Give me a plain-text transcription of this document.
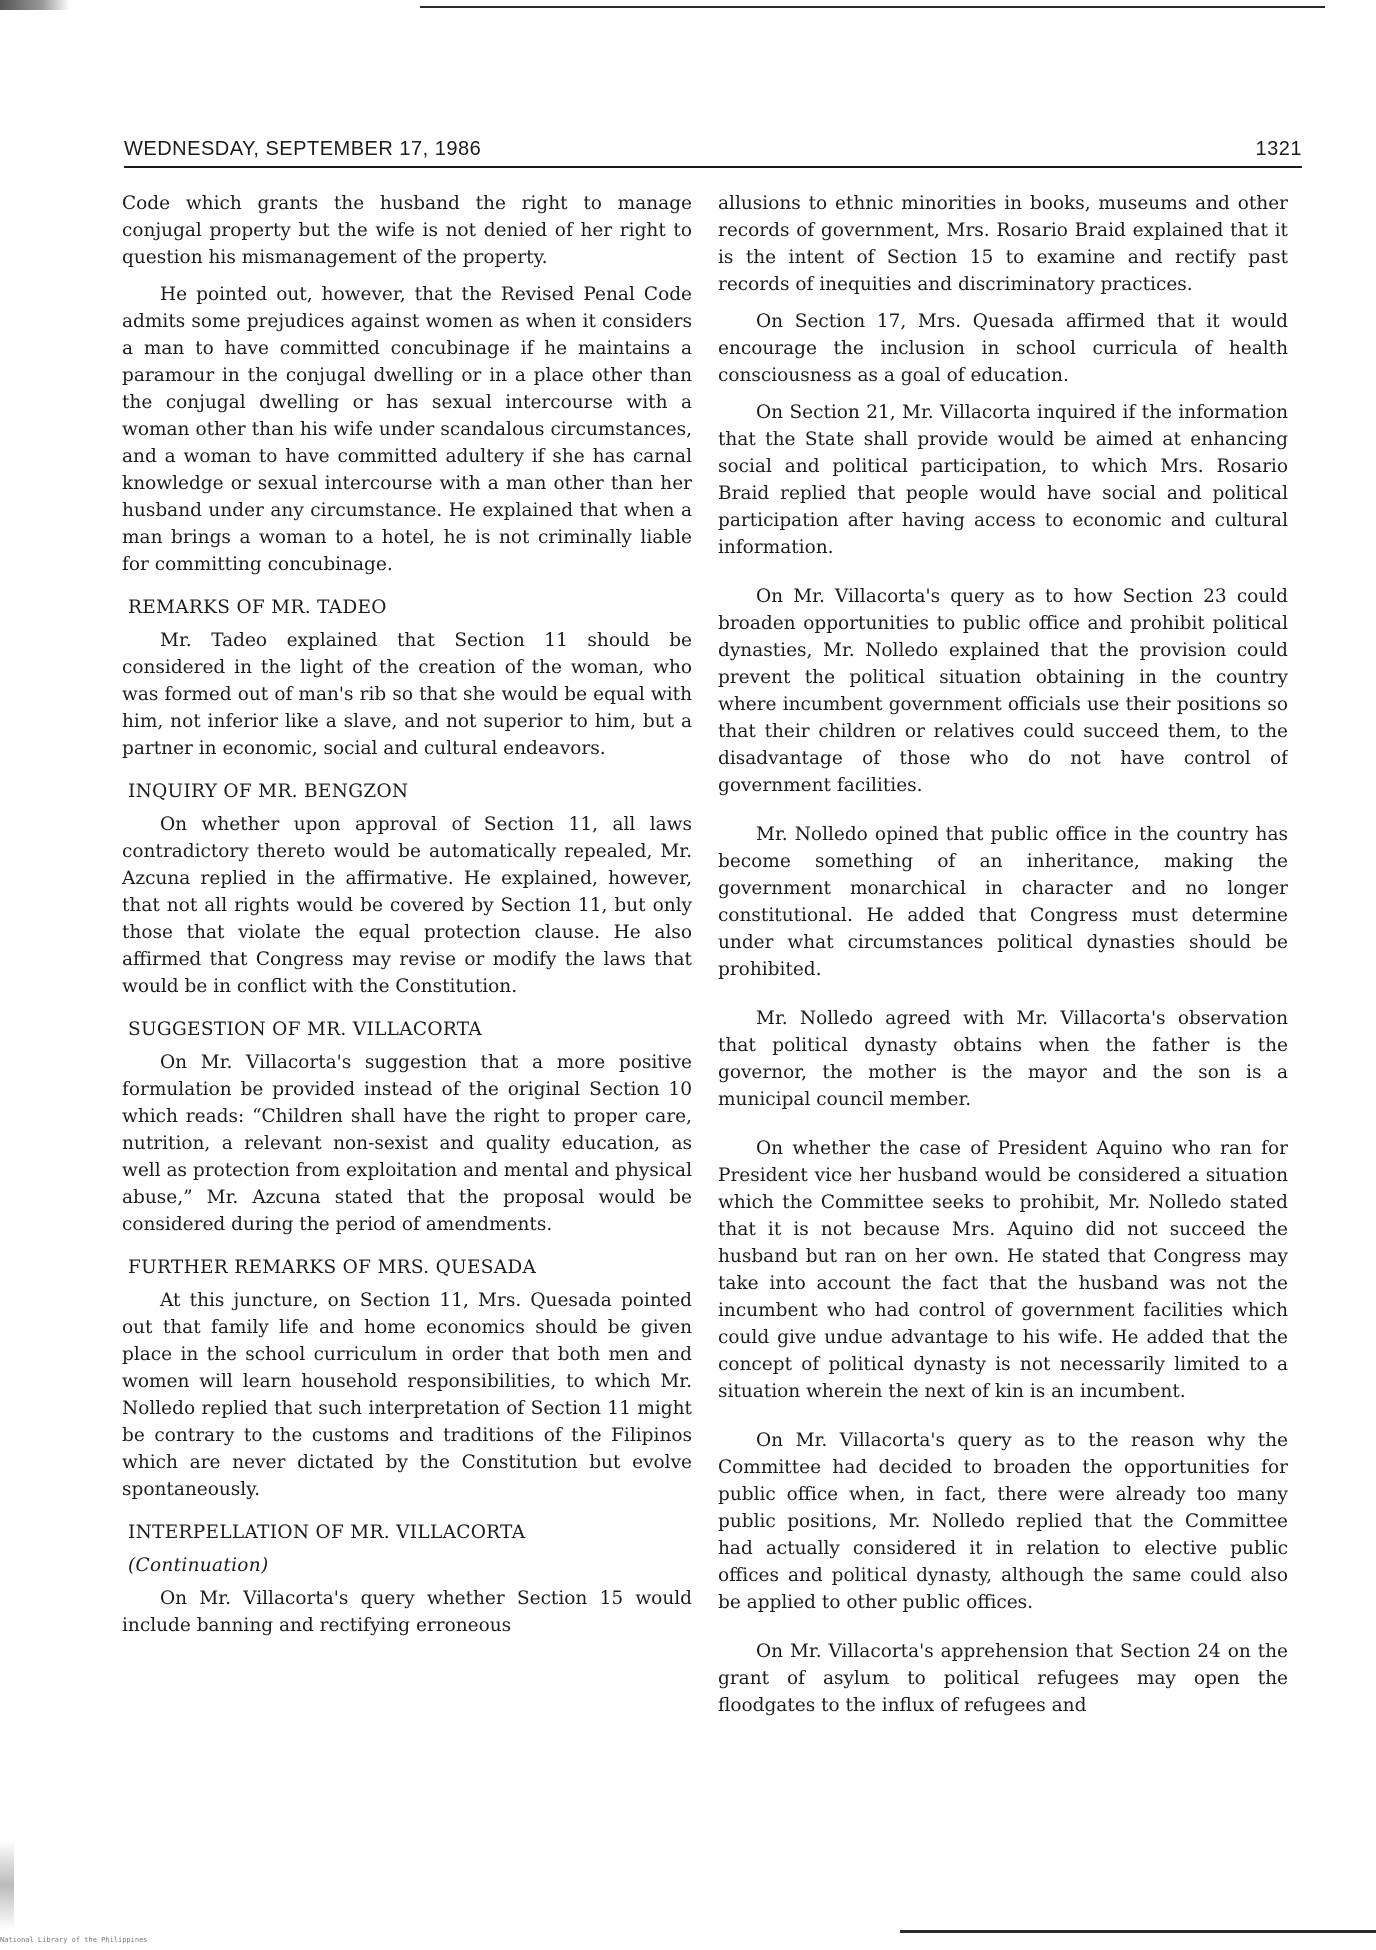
WEDNESDAY, SEPTEMBER 17, 1986	1321

Code which grants the husband the right to manage conjugal property but the wife is not denied of her right to question his mismanagement of the property.

He pointed out, however, that the Revised Penal Code admits some prejudices against women as when it considers a man to have committed concubinage if he maintains a paramour in the conjugal dwelling or in a place other than the conjugal dwelling or has sexual intercourse with a woman other than his wife under scandalous circumstances, and a woman to have committed adultery if she has carnal knowledge or sexual intercourse with a man other than her husband under any circumstance. He explained that when a man brings a woman to a hotel, he is not criminally liable for committing concubinage.

REMARKS OF MR. TADEO

Mr. Tadeo explained that Section 11 should be considered in the light of the creation of the woman, who was formed out of man's rib so that she would be equal with him, not inferior like a slave, and not superior to him, but a partner in economic, social and cultural endeavors.

INQUIRY OF MR. BENGZON

On whether upon approval of Section 11, all laws contradictory thereto would be automatically repealed, Mr. Azcuna replied in the affirmative. He explained, however, that not all rights would be covered by Section 11, but only those that violate the equal protection clause. He also affirmed that Congress may revise or modify the laws that would be in conflict with the Constitution.

SUGGESTION OF MR. VILLACORTA

On Mr. Villacorta's suggestion that a more positive formulation be provided instead of the original Section 10 which reads: “Children shall have the right to proper care, nutrition, a relevant non-sexist and quality education, as well as protection from exploitation and mental and physical abuse,” Mr. Azcuna stated that the proposal would be considered during the period of amendments.

FURTHER REMARKS OF MRS. QUESADA

At this juncture, on Section 11, Mrs. Quesada pointed out that family life and home economics should be given place in the school curriculum in order that both men and women will learn household responsibilities, to which Mr. Nolledo replied that such interpretation of Section 11 might be contrary to the customs and traditions of the Filipinos which are never dictated by the Constitution but evolve spontaneously.

INTERPELLATION OF MR. VILLACORTA
(Continuation)

On Mr. Villacorta's query whether Section 15 would include banning and rectifying erroneous

allusions to ethnic minorities in books, museums and other records of government, Mrs. Rosario Braid explained that it is the intent of Section 15 to examine and rectify past records of inequities and discriminatory practices.

On Section 17, Mrs. Quesada affirmed that it would encourage the inclusion in school curricula of health consciousness as a goal of education.

On Section 21, Mr. Villacorta inquired if the information that the State shall provide would be aimed at enhancing social and political participation, to which Mrs. Rosario Braid replied that people would have social and political participation after having access to economic and cultural information.

On Mr. Villacorta's query as to how Section 23 could broaden opportunities to public office and prohibit political dynasties, Mr. Nolledo explained that the provision could prevent the political situation obtaining in the country where incumbent government officials use their positions so that their children or relatives could succeed them, to the disadvantage of those who do not have control of government facilities.

Mr. Nolledo opined that public office in the country has become something of an inheritance, making the government monarchical in character and no longer constitutional. He added that Congress must determine under what circumstances political dynasties should be prohibited.

Mr. Nolledo agreed with Mr. Villacorta's observation that political dynasty obtains when the father is the governor, the mother is the mayor and the son is a municipal council member.

On whether the case of President Aquino who ran for President vice her husband would be considered a situation which the Committee seeks to prohibit, Mr. Nolledo stated that it is not because Mrs. Aquino did not succeed the husband but ran on her own. He stated that Congress may take into account the fact that the husband was not the incumbent who had control of government facilities which could give undue advantage to his wife. He added that the concept of political dynasty is not necessarily limited to a situation wherein the next of kin is an incumbent.

On Mr. Villacorta's query as to the reason why the Committee had decided to broaden the opportunities for public office when, in fact, there were already too many public positions, Mr. Nolledo replied that the Committee had actually considered it in relation to elective public offices and political dynasty, although the same could also be applied to other public offices.

On Mr. Villacorta's apprehension that Section 24 on the grant of asylum to political refugees may open the floodgates to the influx of refugees and

National Library of the Philippines
